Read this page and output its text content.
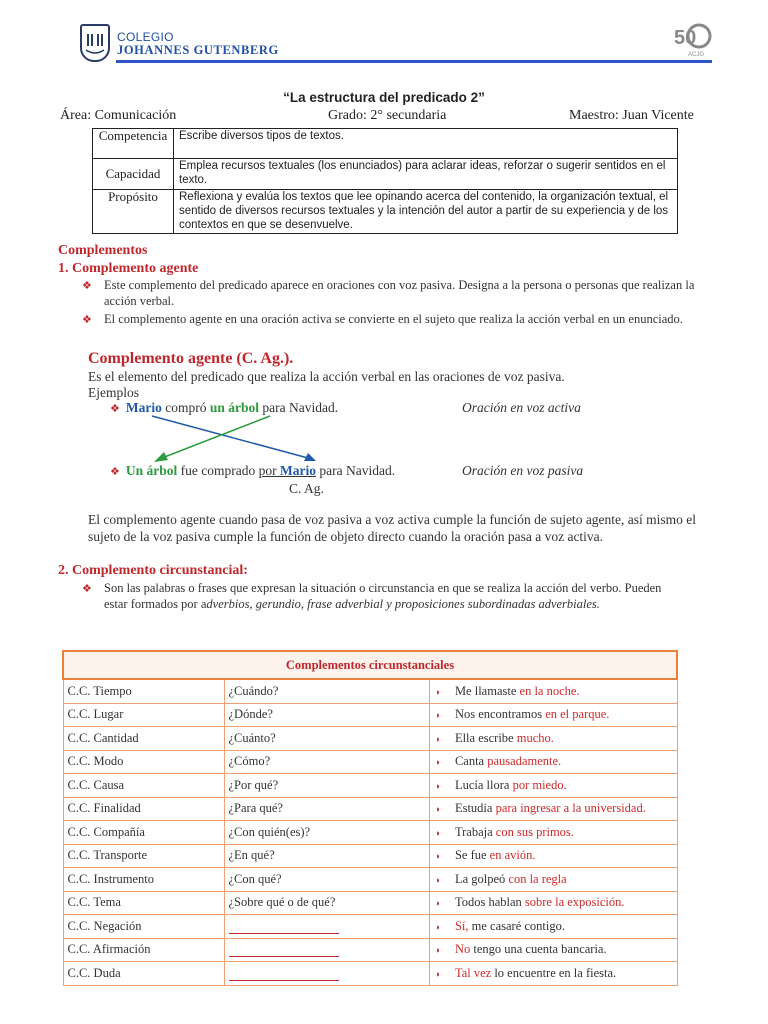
COLEGIO
JOHANNES GUTENBERG
50
ACJG
“La estructura del predicado 2”
Área: Comunicación	Grado: 2° secundaria	Maestro: Juan Vicente
Competencia	Escribe diversos tipos de textos.
Capacidad	Emplea recursos textuales (los enunciados) para aclarar ideas, reforzar o sugerir sentidos en el texto.
Propósito	Reflexiona y evalúa los textos que lee opinando acerca del contenido, la organización textual, el sentido de diversos recursos textuales y la intención del autor a partir de su experiencia y de los contextos en que se desenvuelve.
Complementos
1. Complemento agente
❖ Este complemento del predicado aparece en oraciones con voz pasiva. Designa a la persona o personas que realizan la acción verbal.
❖ El complemento agente en una oración activa se convierte en el sujeto que realiza la acción verbal en un enunciado.
Complemento agente (C. Ag.).
Es el elemento del predicado que realiza la acción verbal en las oraciones de voz pasiva.
Ejemplos
❖ Mario compró un árbol para Navidad.	Oración en voz activa
❖ Un árbol fue comprado por Mario para Navidad.	Oración en voz pasiva
C. Ag.
El complemento agente cuando pasa de voz pasiva a voz activa cumple la función de sujeto agente, así mismo el sujeto de la voz pasiva cumple la función de objeto directo cuando la oración pasa a voz activa.
2. Complemento circunstancial:
❖ Son las palabras o frases que expresan la situación o circunstancia en que se realiza la acción del verbo. Pueden estar formados por adverbios, gerundio, frase adverbial y proposiciones subordinadas adverbiales.
Complementos circunstanciales		
C.C. Tiempo	¿Cuándo?	◗ Me llamaste en la noche.
C.C. Lugar	¿Dónde?	◗ Nos encontramos en el parque.
C.C. Cantidad	¿Cuánto?	◗ Ella escribe mucho.
C.C. Modo	¿Cómo?	◗ Canta pausadamente.
C.C. Causa	¿Por qué?	◗ Lucía llora por miedo.
C.C. Finalidad	¿Para qué?	◗ Estudia para ingresar a la universidad.
C.C. Compañía	¿Con quién(es)?	◗ Trabaja con sus primos.
C.C. Transporte	¿En qué?	◗ Se fue en avión.
C.C. Instrumento	¿Con qué?	◗ La golpeó con la regla
C.C. Tema	¿Sobre qué o de qué?	◗ Todos hablan sobre la exposición.
C.C. Negación		◗ Sí, me casaré contigo.
C.C. Afirmación		◗ No tengo una cuenta bancaria.
C.C. Duda		◗ Tal vez lo encuentre en la fiesta.
